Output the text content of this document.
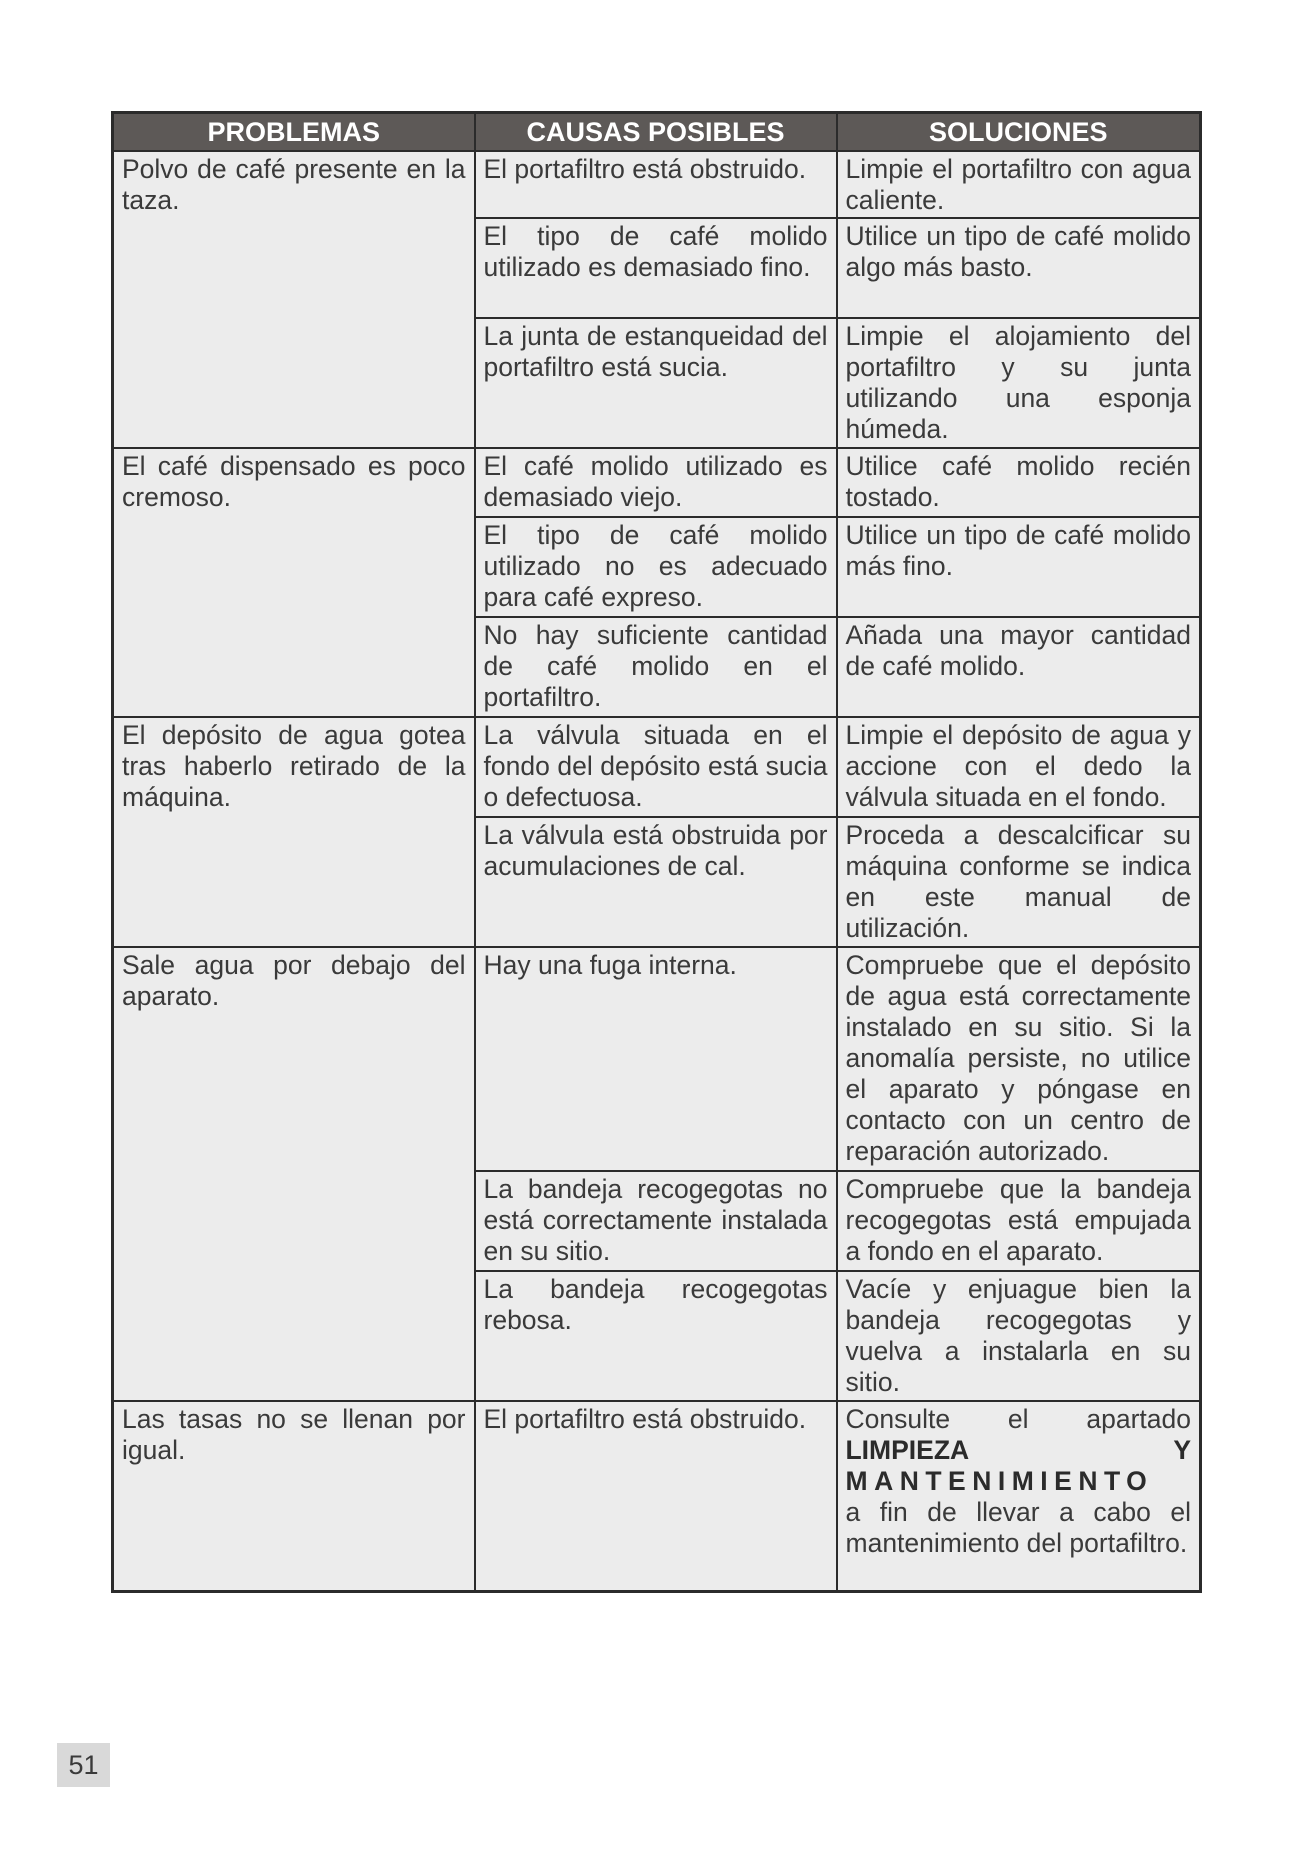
PROBLEMAS	CAUSAS POSIBLES	SOLUCIONES
Polvo de café presente en la taza.	El portafiltro está obstruido.	Limpie el portafiltro con agua caliente.
	El tipo de café molido utilizado es demasiado fino.	Utilice un tipo de café molido algo más basto.
	La junta de estanqueidad del portafiltro está sucia.	Limpie el alojamiento del portafiltro y su junta utilizando una esponja húmeda.
El café dispensado es poco cremoso.	El café molido utilizado es demasiado viejo.	Utilice café molido recién tostado.
	El tipo de café molido utilizado no es adecuado para café expreso.	Utilice un tipo de café molido más fino.
	No hay suficiente cantidad de café molido en el portafiltro.	Añada una mayor cantidad de café molido.
El depósito de agua gotea tras haberlo retirado de la máquina.	La válvula situada en el fondo del depósito está sucia o defectuosa.	Limpie el depósito de agua y accione con el dedo la válvula situada en el fondo.
	La válvula está obstruida por acumulaciones de cal.	Proceda a descalcificar su máquina conforme se indica en este manual de utilización.
Sale agua por debajo del aparato.	Hay una fuga interna.	Compruebe que el depósito de agua está correctamente instalado en su sitio. Si la anomalía persiste, no utilice el aparato y póngase en contacto con un centro de reparación autorizado.
	La bandeja recogegotas no está correctamente instalada en su sitio.	Compruebe que la bandeja recogegotas está empujada a fondo en el aparato.
	La bandeja recogegotas rebosa.	Vacíe y enjuague bien la bandeja recogegotas y vuelva a instalarla en su sitio.
Las tasas no se llenan por igual.	El portafiltro está obstruido.	Consulte el apartado
LIMPIEZA Y
MANTENIMIENTO
a fin de llevar a cabo el mantenimiento del portafiltro.
51
